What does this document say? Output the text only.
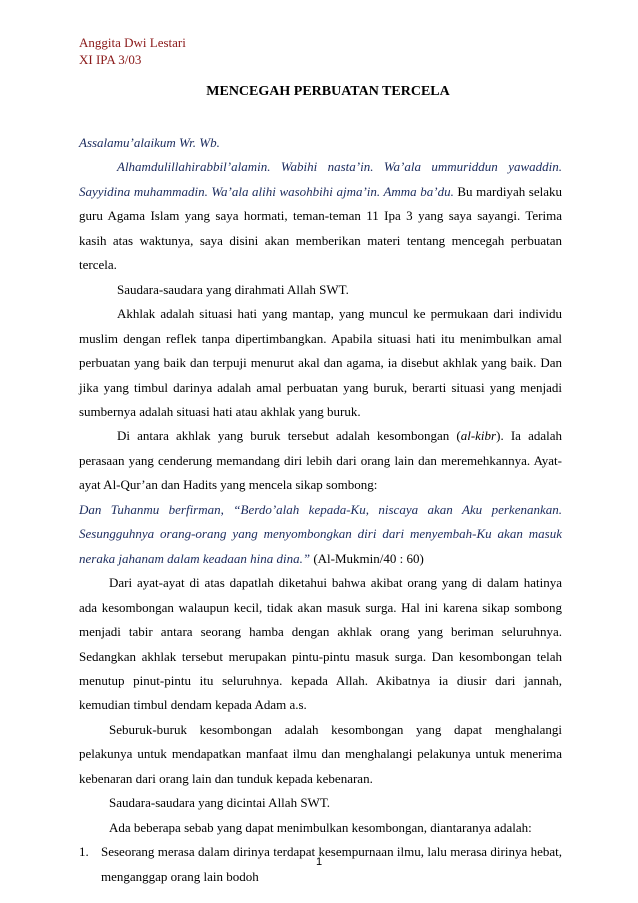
Anggita Dwi Lestari
XI IPA 3/03
MENCEGAH PERBUATAN TERCELA

Assalamu’alaikum Wr. Wb.

Alhamdulillahirabbil’alamin. Wabihi nasta’in. Wa’ala ummuriddun yawaddin. Sayyidina muhammadin. Wa’ala alihi wasohbihi ajma’in. Amma ba’du. Bu mardiyah selaku guru Agama Islam yang saya hormati, teman-teman 11 Ipa 3 yang saya sayangi. Terima kasih atas waktunya, saya disini akan memberikan materi tentang mencegah perbuatan tercela.

Saudara-saudara yang dirahmati Allah SWT.

Akhlak adalah situasi hati yang mantap, yang muncul ke permukaan dari individu muslim dengan reflek tanpa dipertimbangkan. Apabila situasi hati itu menimbulkan amal perbuatan yang baik dan terpuji menurut akal dan agama, ia disebut akhlak yang baik. Dan jika yang timbul darinya adalah amal perbuatan yang buruk, berarti situasi yang menjadi sumbernya adalah situasi hati atau akhlak yang buruk.

Di antara akhlak yang buruk tersebut adalah kesombongan (al-kibr). Ia adalah perasaan yang cenderung memandang diri lebih dari orang lain dan meremehkannya. Ayat-ayat Al-Qur’an dan Hadits yang mencela sikap sombong:

Dan Tuhanmu berfirman, “Berdo’alah kepada-Ku, niscaya akan Aku perkenankan. Sesungguhnya orang-orang yang menyombongkan diri dari menyembah-Ku akan masuk neraka jahanam dalam keadaan hina dina.” (Al-Mukmin/40 : 60)

Dari ayat-ayat di atas dapatlah diketahui bahwa akibat orang yang di dalam hatinya ada kesombongan walaupun kecil, tidak akan masuk surga. Hal ini karena sikap sombong menjadi tabir antara seorang hamba dengan akhlak orang yang beriman seluruhnya. Sedangkan akhlak tersebut merupakan pintu-pintu masuk surga. Dan kesombongan telah menutup pinut-pintu itu seluruhnya. kepada Allah. Akibatnya ia diusir dari jannah, kemudian timbul dendam kepada Adam a.s.

Seburuk-buruk kesombongan adalah kesombongan yang dapat menghalangi pelakunya untuk mendapatkan manfaat ilmu dan menghalangi pelakunya untuk menerima kebenaran dari orang lain dan tunduk kepada kebenaran.

Saudara-saudara yang dicintai Allah SWT.

Ada beberapa sebab yang dapat menimbulkan kesombongan, diantaranya adalah:

1. Seseorang merasa dalam dirinya terdapat kesempurnaan ilmu, lalu merasa dirinya hebat, menganggap orang lain bodoh
1
